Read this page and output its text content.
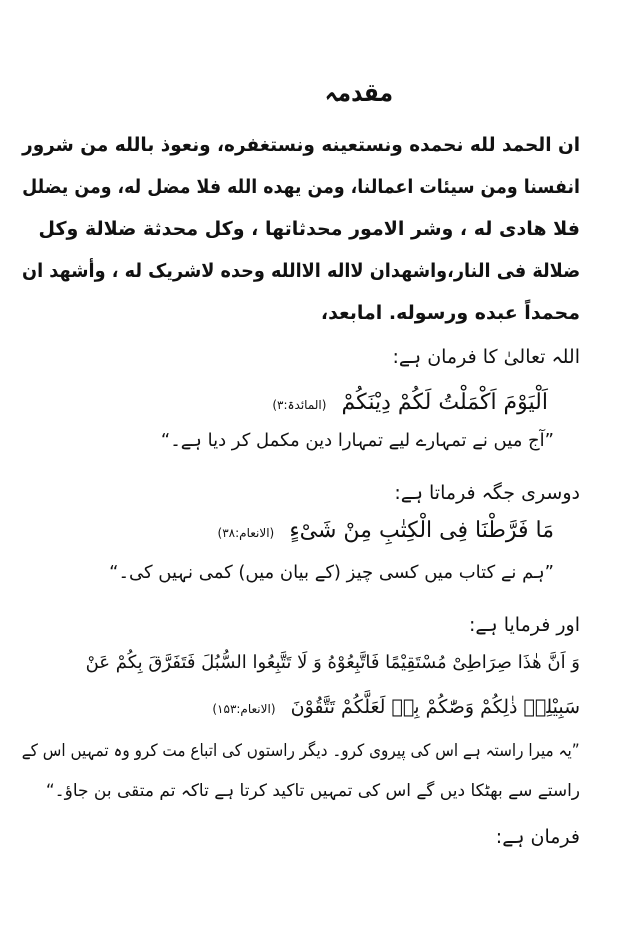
مقدمہ
ان الحمد لله نحمده ونستعينه ونستغفره، ونعوذ بالله من شرور
انفسنا ومن سيئات اعمالنا، ومن يهده الله فلا مضل له، ومن يضلل
فلا هادى له ، وشر الامور محدثاتها ، وكل محدثة ضلالة وكل
ضلالة فى النار،واشهدان لااله الاالله وحده لاشريک له ، وأشهد ان
محمداً عبده ورسوله. امابعد،
اللہ تعالیٰ کا فرمان ہے:
اَلْيَوْمَ اَكْمَلْتُ لَكُمْ دِيْنَكُمْ (المائدۃ:۳)
”آج میں نے تمہارے لیے تمہارا دین مکمل کر دیا ہے۔“
دوسری جگہ فرماتا ہے:
مَا فَرَّطْنَا فِى الْكِتٰبِ مِنْ شَىْءٍ (الانعام:۳۸)
”ہم نے کتاب میں کسی چیز (کے بیان میں) کمی نہیں کی۔“
اور فرمایا ہے:
وَ اَنَّ هٰذَا صِرَاطِىْ مُسْتَقِيْمًا فَاتَّبِعُوْهُ وَ لَا تَتَّبِعُوا السُّبُلَ فَتَفَرَّقَ بِكُمْ عَنْ
سَبِيْلِهٖ ذٰلِكُمْ وَصّٰكُمْ بِهٖ لَعَلَّكُمْ تَتَّقُوْنَ (الانعام:۱۵۳)
”یہ میرا راستہ ہے اس کی پیروی کرو۔ دیگر راستوں کی اتباع مت کرو وہ تمہیں اس کے
راستے سے بھٹکا دیں گے اس کی تمہیں تاکید کرتا ہے تاکہ تم متقی بن جاؤ۔“
فرمان ہے:
